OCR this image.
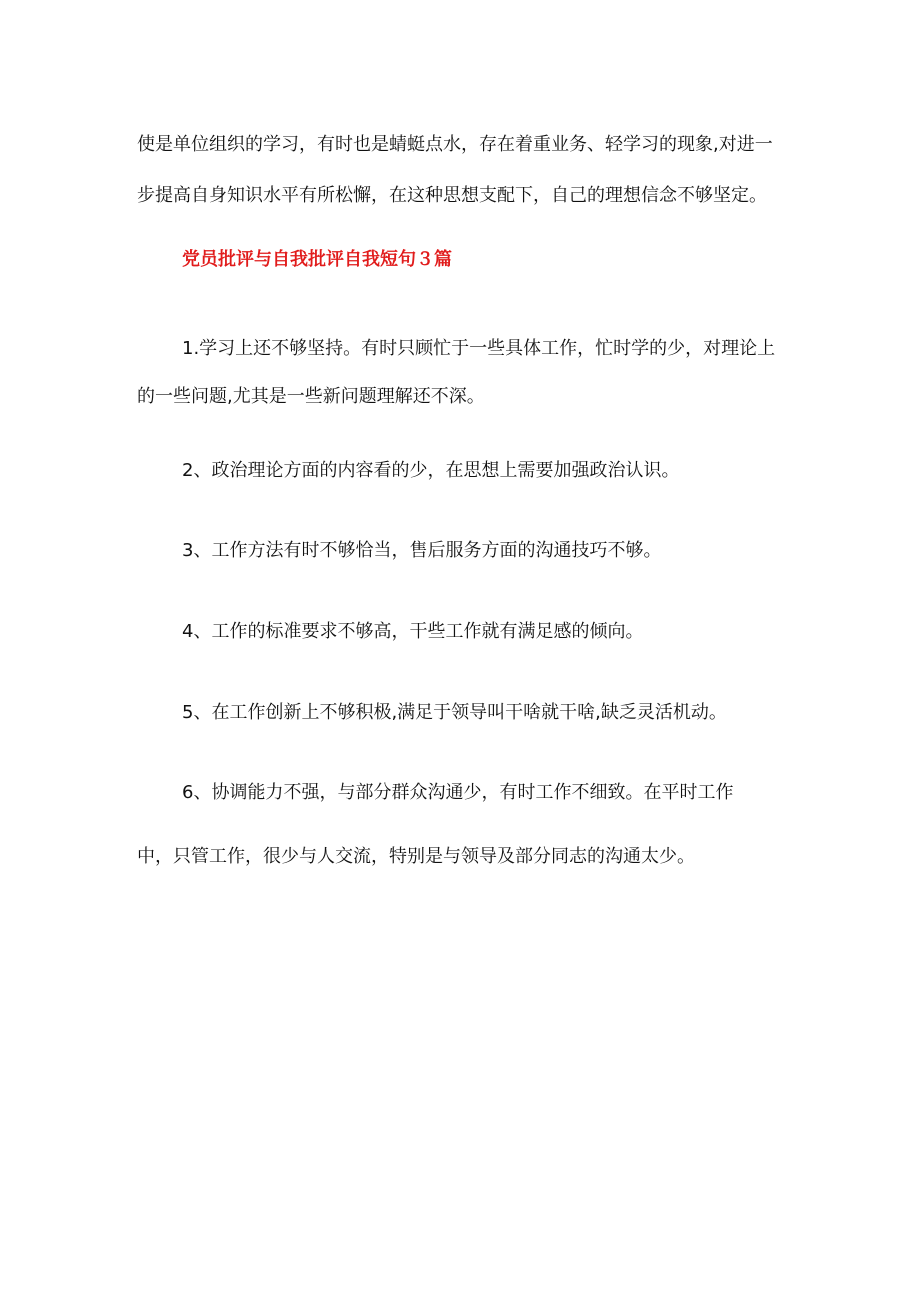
使是单位组织的学习，有时也是蜻蜓点水，存在着重业务、轻学习的现象,对进一
步提高自身知识水平有所松懈，在这种思想支配下，自己的理想信念不够坚定。
党员批评与自我批评自我短句３篇
1.学习上还不够坚持。有时只顾忙于一些具体工作，忙时学的少，对理论上
的一些问题,尤其是一些新问题理解还不深。
2、政治理论方面的内容看的少，在思想上需要加强政治认识。
3、工作方法有时不够恰当，售后服务方面的沟通技巧不够。
4、工作的标准要求不够高，干些工作就有满足感的倾向。
5、在工作创新上不够积极,满足于领导叫干啥就干啥,缺乏灵活机动。
6、协调能力不强，与部分群众沟通少，有时工作不细致。在平时工作
中，只管工作，很少与人交流，特别是与领导及部分同志的沟通太少。
